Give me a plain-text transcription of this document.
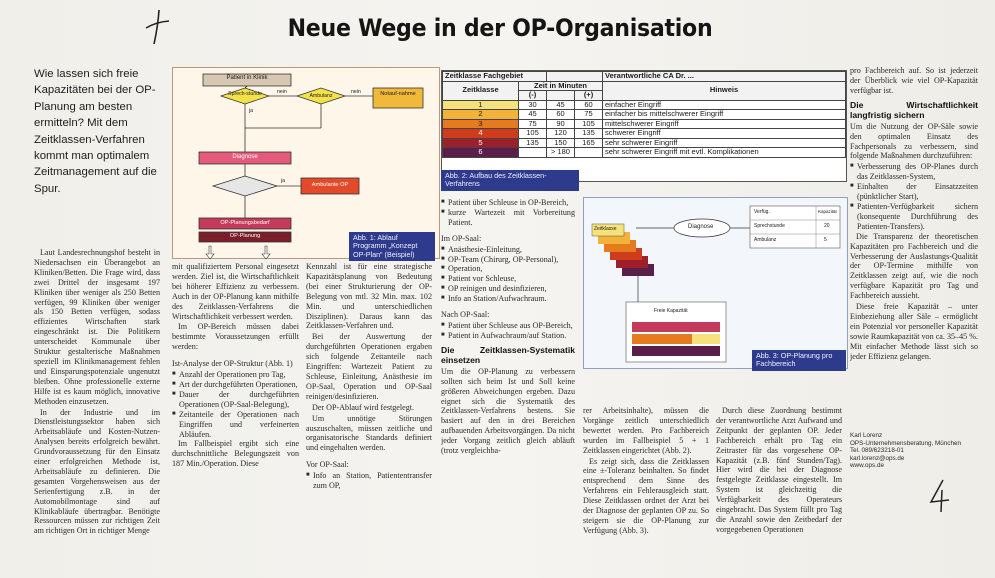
Neue Wege in der OP-Organisation
Wie lassen sich freie Kapazitäten bei der OP-Planung am besten ermitteln? Mit dem Zeitklassen-Verfahren kommt man optimalem Zeitmanagement auf die Spur.

Laut Landesrechnungshof besteht in Niedersachsen ein Überangebot an Kliniken/Betten. Die Frage wird, dass zwei Drittel der insgesamt 197 Kliniken über weniger als 250 Betten verfügen, 99 Kliniken über weniger als 150 Betten verfügen, sodass effizientes Wirtschaften stark eingeschränkt ist. Die Politikern unterscheidet Kommunale über Struktur gestalterische Maßnahmen speziell im Klinikmanagement fehlen und Einsparungspotenziale ungenutzt bleiben. Ohne professionelle externe Hilfe ist es kaum möglich, innovative Methoden einzusetzen.

In der Industrie und im Dienstleistungssektor haben sich Arbeitsabläufe und Kosten-Nutzen-Analysen bereits erfolgreich bewährt. Grundvoraussetzung für den Einsatz einer erfolgreichen Methode ist, Arbeitsabläufe zu definieren. Die gesamten Vorgehensweisen aus der Serienfertigung z.B. in der Automobilmontage sind auf Klinikabläufe übertragbar. Benötigte Ressourcen müssen zur richtigen Zeit am richtigen Ort in richtiger Menge

Patient in Klinik
Sprech-stunde	Ambulanz	Notauf-nahme
Diagnose
Ambulante OP
OP-Planungsbedarf
OP-Planung
ja
nein	nein
ja
Abb. 1: Ablauf Programm „Konzept OP-Plan“ (Beispiel)

mit qualifiziertem Personal eingesetzt werden. Ziel ist, die Wirtschaftlichkeit bei höherer Effizienz zu verbessern. Auch in der OP-Planung kann mithilfe des Zeitklassen-Verfahrens die Wirtschaftlichkeit verbessert werden.

Im OP-Bereich müssen dabei bestimmte Voraussetzungen erfüllt werden:

Ist-Analyse der OP-Struktur (Abb. 1)

■ Anzahl der Operationen pro Tag,
■ Art der durchgeführten Operationen,
■ Dauer der durchgeführten Operationen (OP-Saal-Belegung),
■ Zeitanteile der Operationen nach Eingriffen und verfeinerten Abläufen.

Im Fallbeispiel ergibt sich eine durchschnittliche Belegungszeit von 187 Min./Operation. Diese

Kennzahl ist für eine strategische Kapazitätsplanung von Bedeutung (bei einer Strukturierung der OP-Belegung von mtl. 32 Min. max. 102 Min. und unterschiedlichen Disziplinen). Daraus kann das Zeitklassen-Verfahren und.

Bei der Auswertung der durchgeführten Operationen ergaben sich folgende Zeitanteile nach Eingriffen: Wartezeit Patient zu Schleuse, Einleitung, Anästhesie im OP-Saal, Operation und OP-Saal reinigen/desinfizieren.

Der OP-Ablauf wird festgelegt.

Um unnötige Störungen auszuschalten, müssen zeitliche und organisatorische Standards definiert und eingehalten werden.

Vor OP-Saal:

■ Info an Station, Patiententransfer zum OP,
Zeitklasse Fachgebiet				Verantwortliche CA Dr. ...
Zeitklasse	Zeit in Minuten			Hinweis
	(-)		(+)	
1	30	45	60	einfacher Eingriff
2	45	60	75	einfacher bis mittelschwerer Eingriff
3	75	90	105	mittelschwerer Eingriff
4	105	120	135	schwerer Eingriff
5	135	150	165	sehr schwerer Eingriff
6		> 180		sehr schwerer Eingriff mit evtl. Komplikationen
Abb. 2: Aufbau des Zeitklassen-Verfahrens
■ Patient über Schleuse in OP-Bereich,
■ kurze Wartezeit mit Vorbereitung Patient.

Im OP-Saal:

■ Anästhesie-Einleitung,
■ OP-Team (Chirurg, OP-Personal),
■ Operation,
■ Patient vor Schleuse,
■ OP reinigen und desinfizieren,
■ Info an Station/Aufwachraum.

Nach OP-Saal:

■ Patient über Schleuse aus OP-Bereich,
■ Patient in Aufwachraum/auf Station.
Die Zeitklassen-Systematik einsetzen

Um die OP-Planung zu verbessern sollten sich beim Ist und Soll keine größeren Abweichungen ergeben. Dazu eignet sich die Systematik des Zeitklassen-Verfahrens bestens. Sie basiert auf den in drei Bereichen aufbauenden Arbeitsvorgängen. Da nicht jeder Vorgang zeitlich gleich abläuft (trotz vergleichba-

Zeitklasse	Diagnose
Verfüg.	Kapazität
Sprechstunde	20
Ambulanz	5
Freie Kapazität
Tageskapazität (h)	Abb. 3: OP-Planung pro Fachbereich

rer Arbeitsinhalte), müssen die Vorgänge zeitlich unterschiedlich bewertet werden. Pro Fachbereich wurden im Fallbeispiel 5 + 1 Zeitklassen eingerichtet (Abb. 2).

Es zeigt sich, dass die Zeitklassen eine ±-Toleranz beinhalten. So findet entsprechend dem Sinne des Verfahrens ein Fehlerausgleich statt. Diese Zeitklassen ordnet der Arzt bei der Diagnose der geplanten OP zu. So steigern sie die OP-Planung zur Verfügung (Abb. 3).

Durch diese Zuordnung bestimmt der verantwortliche Arzt Aufwand und Zeitpunkt der geplanten OP. Jeder Fachbereich erhält pro Tag ein Zeitraster für das vorgesehene OP-Kapazität (z.B. fünf Stunden/Tag). Hier wird die bei der Diagnose festgelegte Zeitklasse eingestellt. Im System ist gleichzeitig die Verfügbarkeit des Operateurs eingebracht. Das System füllt pro Tag die Anzahl sowie den Zeitbedarf der vorgegebenen Operationen

pro Fachbereich auf. So ist jederzeit der Überblick wie viel OP-Kapazität verfügbar ist.

Die Wirtschaftlichkeit langfristig sichern

Um die Nutzung der OP-Säle sowie den optimalen Einsatz des Fachpersonals zu verbessern, sind folgende Maßnahmen durchzuführen:

■ Verbesserung des OP-Planes durch das Zeitklassen-System,
■ Einhalten der Einsatzzeiten (pünktlicher Start),
■ Patienten-Verfügbarkeit sichern (konsequente Durchführung des Patienten-Transfers).

Die Transparenz der theoretischen Kapazitäten pro Fachbereich und die Verbesserung der Auslastungs-Qualität der OP-Termine mithilfe von Zeitklassen zeigt auf, wie die noch verfügbare Kapazität pro Tag und Fachbereich aussieht.

Diese freie Kapazität – unter Einbeziehung aller Säle – ermöglicht ein Potenzial vor personeller Kapazität sowie Raumkapazität von ca. 35–45 %. Mit einfacher Methode lässt sich so jeder Effizienz gelangen.

Karl Lorenz
OPS-Unternehmensberatung, München
Tel. 089/623218-01
karl.lorenz@ops.de
www.ops.de
